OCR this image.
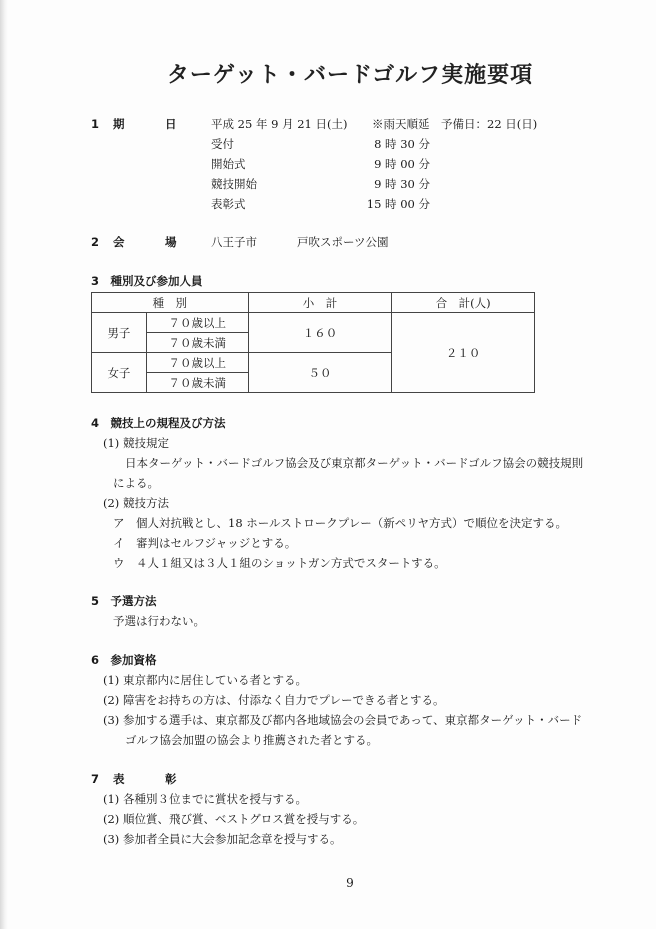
ターゲット・バードゴルフ実施要項
1 期	日	平成 25 年 9 月 21 日(土) ※雨天順延　予備日：22 日(日)
受付	8 時 30 分
開始式	9 時 00 分
競技開始	9 時 30 分
表彰式	15 時 00 分
2 会	場	八王子市	戸吹スポーツ公園
3　種別及び参加人員
種　別		小　計	合　計(人)
男子	７０歳以上	１６０	２１０
	７０歳未満		
女子	７０歳以上	５０	
	７０歳未満		
4　競技上の規程及び方法
(1) 競技規定
日本ターゲット・バードゴルフ協会及び東京都ターゲット・バードゴルフ協会の競技規則
による。
(2) 競技方法
ア　個人対抗戦とし、18 ホールストロークプレー（新ペリヤ方式）で順位を決定する。
イ　審判はセルフジャッジとする。
ウ　４人１組又は３人１組のショットガン方式でスタートする。
5　予選方法
予選は行わない。
6　参加資格
(1) 東京都内に居住している者とする。
(2) 障害をお持ちの方は、付添なく自力でプレーできる者とする。
(3) 参加する選手は、東京都及び都内各地域協会の会員であって、東京都ターゲット・バード
ゴルフ協会加盟の協会より推薦された者とする。
7 表	彰
(1) 各種別３位までに賞状を授与する。
(2) 順位賞、飛び賞、ベストグロス賞を授与する。
(3) 参加者全員に大会参加記念章を授与する。
9
